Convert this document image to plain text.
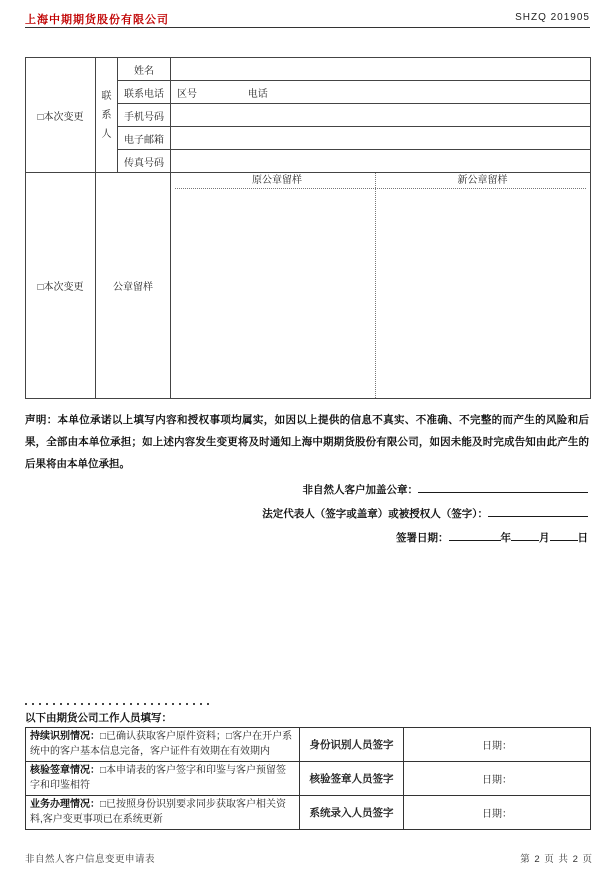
上海中期期货股份有限公司	SHZQ 201905
□本次变更	联系人	姓名	
		联系电话	区号 电话
		手机号码	
		电子邮箱	
		传真号码	
□本次变更	公章留样		原公章留样 新公章留样

声明：本单位承诺以上填写内容和授权事项均属实，如因以上提供的信息不真实、不准确、不完整的而产生的风险和后果，全部由本单位承担；如上述内容发生变更将及时通知上海中期期货股份有限公司，如因未能及时完成告知由此产生的后果将由本单位承担。

非自然人客户加盖公章：
法定代表人（签字或盖章）或被授权人（签字）：
签署日期：	年	月	日
以下由期货公司工作人员填写：
持续识别情况：□已确认获取客户原件资料；□客户在开户系统中的客户基本信息完备，客户证件有效期在有效期内	身份识别人员签字	日期：
核验签章情况：□本申请表的客户签字和印鉴与客户预留签字和印鉴相符	核验签章人员签字	日期：
业务办理情况：□已按照身份识别要求同步获取客户相关资料,客户变更事项已在系统更新	系统录入人员签字	日期：
非自然人客户信息变更申请表	第 2 页 共 2 页
